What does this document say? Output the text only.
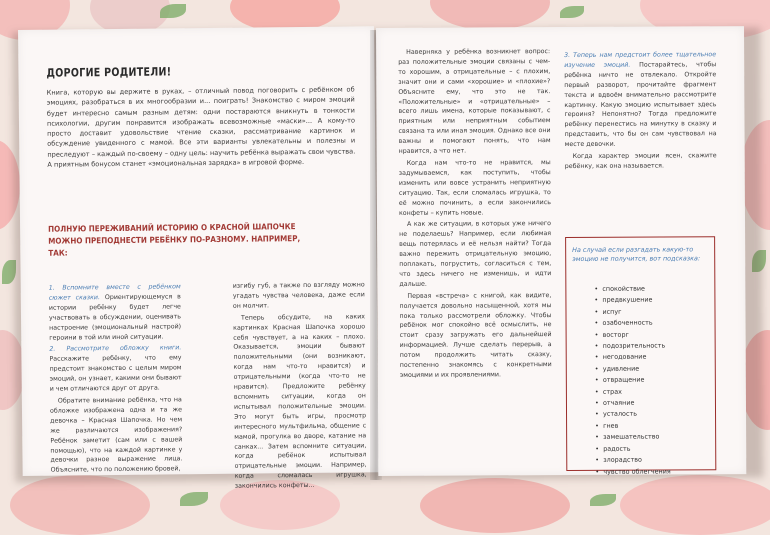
ДОРОГИЕ РОДИТЕЛИ!
Книга, которую вы держите в руках, – отличный повод поговорить с ребёнком об эмоциях, разобраться в их многообразии и... поиграть! Знакомство с миром эмоций будет интересно самым разным детям: одни постараются вникнуть в тонкости психологии, другим понравится изображать всевозможные «маски»... А кому-то просто доставит удовольствие чтение сказки, рассматривание картинок и обсуждение увиденного с мамой. Все эти варианты увлекательны и полезны и преследуют – каждый по-своему – одну цель: научить ребёнка выражать свои чувства. А приятным бонусом станет «эмоциональная зарядка» в игровой форме.
ПОЛНУЮ ПЕРЕЖИВАНИЙ ИСТОРИЮ О КРАСНОЙ ШАПОЧКЕ МОЖНО ПРЕПОДНЕСТИ РЕБЁНКУ ПО-РАЗНОМУ. НАПРИМЕР, ТАК:

1. Вспомните вместе с ребёнком сюжет сказки. Ориентирующемуся в истории ребёнку будет легче участвовать в обсуждении, оценивать настроение (эмоциональный настрой) героини в той или иной ситуации.

2. Рассмотрите обложку книги. Расскажите ребёнку, что ему предстоит знакомство с целым миром эмоций, он узнает, какими они бывают и чем отличаются друг от друга.

Обратите внимание ребёнка, что на обложке изображена одна и та же девочка – Красная Шапочка. Но чем же различаются изображения? Ребёнок заметит (сам или с вашей помощью), что на каждой картинке у девочки разное выражение лица. Объясните, что по положению бровей,

изгибу губ, а также по взгляду можно угадать чувства человека, даже если он молчит.

Теперь обсудите, на каких картинках Красная Шапочка хорошо себя чувствует, а на каких – плохо. Оказывается, эмоции бывают положительными (они возникают, когда нам что-то нравится) и отрицательными (когда что-то не нравится). Предложите ребёнку вспомнить ситуации, когда он испытывал положительные эмоции. Это могут быть игры, просмотр интересного мультфильма, общение с мамой, прогулка во дворе, катание на санках... Затем вспомните ситуации, когда ребёнок испытывал отрицательные эмоции. Например, когда сломалась игрушка, закончились конфеты...

Наверняка у ребёнка возникнет вопрос: раз положительные эмоции связаны с чем-то хорошим, а отрицательные – с плохим, значит они и сами «хорошие» и «плохие»? Объясните ему, что это не так. «Положительные» и «отрицательные» – всего лишь имена, которые показывают, с приятным или неприятным событием связана та или иная эмоция. Однако все они важны и помогают понять, что нам нравится, а что нет.

Когда нам что-то не нравится, мы задумываемся, как поступить, чтобы изменить или вовсе устранить неприятную ситуацию. Так, если сломалась игрушка, то её можно починить, а если закончились конфеты – купить новые.

А как же ситуации, в которых уже ничего не поделаешь? Например, если любимая вещь потерялась и её нельзя найти? Тогда важно пережить отрицательную эмоцию, поплакать, погрустить, согласиться с тем, что здесь ничего не изменишь, и идти дальше.

Первая «встреча» с книгой, как видите, получается довольно насыщенной, хотя мы пока только рассмотрели обложку. Чтобы ребёнок мог спокойно всё осмыслить, не стоит сразу загружать его дальнейшей информацией. Лучше сделать перерыв, а потом продолжить читать сказку, постепенно знакомясь с конкретными эмоциями и их проявлениями.

3. Теперь нам предстоит более тщательное изучение эмоций. Постарайтесь, чтобы ребёнка ничто не отвлекало. Откройте первый разворот, прочитайте фрагмент текста и вдвоём внимательно рассмотрите картинку. Какую эмоцию испытывает здесь героиня? Непонятно? Тогда предложите ребёнку перенестись на минутку в сказку и представить, что бы он сам чувствовал на месте девочки.

Когда характер эмоции ясен, скажите ребёнку, как она называется.

На случай если разгадать какую-то эмоцию не получится, вот подсказка:
• спокойствие
• предвкушение
• испуг
• озабоченность
• восторг
• подозрительность
• негодование
• удивление
• отвращение
• страх
• отчаяние
• усталость
• гнев
• замешательство
• радость
• злорадство
• чувство облегчения
